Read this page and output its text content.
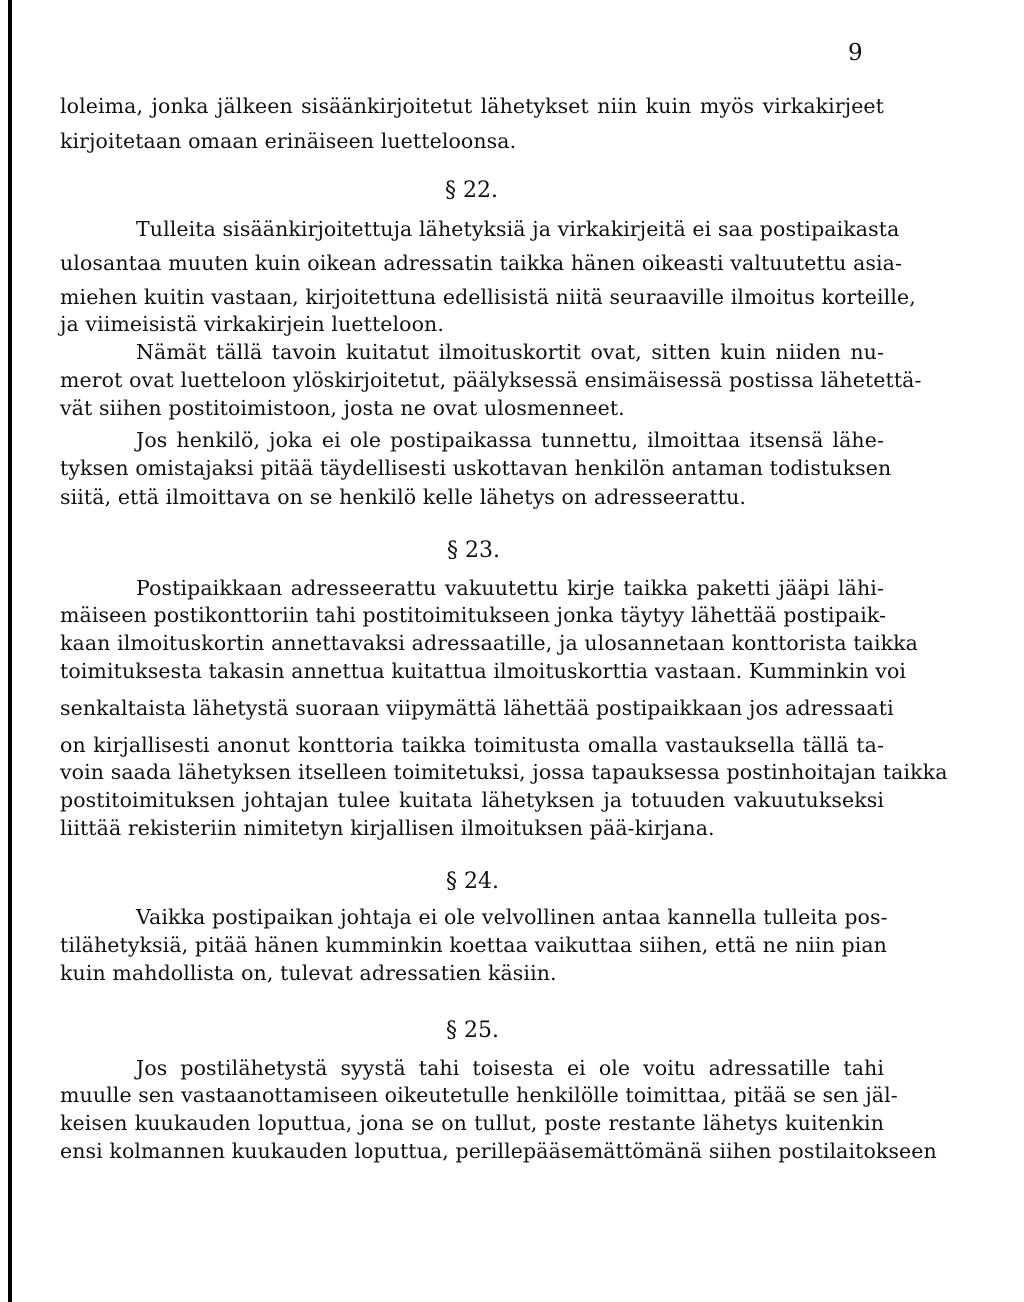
9
loleima, jonka jälkeen sisäänkirjoitetut lähetykset niin kuin myös virkakirjeet
kirjoitetaan omaan erinäiseen luetteloonsa.
§ 22.
Tulleita sisäänkirjoitettuja lähetyksiä ja virkakirjeitä ei saa postipaikasta
ulosantaa muuten kuin oikean adressatin taikka hänen oikeasti valtuutettu asia-
miehen kuitin vastaan, kirjoitettuna edellisistä niitä seuraaville ilmoitus korteille,
ja viimeisistä virkakirjein luetteloon.
Nämät tällä tavoin kuitatut ilmoituskortit ovat, sitten kuin niiden nu-
merot ovat luetteloon ylöskirjoitetut, päälyksessä ensimäisessä postissa lähetettä-
vät siihen postitoimistoon, josta ne ovat ulosmenneet.
Jos henkilö, joka ei ole postipaikassa tunnettu, ilmoittaa itsensä lähe-
tyksen omistajaksi pitää täydellisesti uskottavan henkilön antaman todistuksen
siitä, että ilmoittava on se henkilö kelle lähetys on adresseerattu.
§ 23.
Postipaikkaan adresseerattu vakuutettu kirje taikka paketti jääpi lähi-
mäiseen postikonttoriin tahi postitoimitukseen jonka täytyy lähettää postipaik-
kaan ilmoituskortin annettavaksi adressaatille, ja ulosannetaan konttorista taikka
toimituksesta takasin annettua kuitattua ilmoituskorttia vastaan. Kumminkin voi
senkaltaista lähetystä suoraan viipymättä lähettää postipaikkaan jos adressaati
on kirjallisesti anonut konttoria taikka toimitusta omalla vastauksella tällä ta-
voin saada lähetyksen itselleen toimitetuksi, jossa tapauksessa postinhoitajan taikka
postitoimituksen johtajan tulee kuitata lähetyksen ja totuuden vakuutukseksi
liittää rekisteriin nimitetyn kirjallisen ilmoituksen pää-kirjana.
§ 24.
Vaikka postipaikan johtaja ei ole velvollinen antaa kannella tulleita pos-
tilähetyksiä, pitää hänen kumminkin koettaa vaikuttaa siihen, että ne niin pian
kuin mahdollista on, tulevat adressatien käsiin.
§ 25.
Jos postilähetystä syystä tahi toisesta ei ole voitu adressatille tahi
muulle sen vastaanottamiseen oikeutetulle henkilölle toimittaa, pitää se sen jäl-
keisen kuukauden loputtua, jona se on tullut, poste restante lähetys kuitenkin
ensi kolmannen kuukauden loputtua, perillepääsemättömänä siihen postilaitokseen
